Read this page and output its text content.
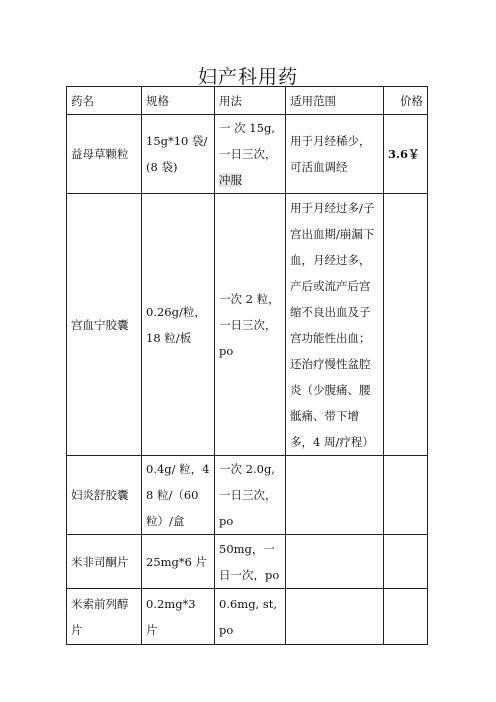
妇产科用药
药名	规格	用法	适用范围	价格
益母草颗粒	15g*10 袋/(8 袋)	一 次 15g,一日三次，冲服	用于月经稀少，可活血调经	3.6￥
宫血宁胶囊	0.26g/粒，18 粒/板	一次 2 粒，一日三次，po	用于月经过多/子宫出血期/崩漏下血，月经过多，产后或流产后宫缩不良出血及子宫功能性出血；还治疗慢性盆腔炎（少腹痛、腰骶痛、带下增多，4 周/疗程）	
妇炎舒胶囊	0.4g/ 粒，48 粒/（60 粒）/盒	一次 2.0g,一日三次，po		
米非司酮片	25mg*6 片	50mg，一日一次，po		
米索前列醇片	0.2mg*3 片	0.6mg, st,po		
